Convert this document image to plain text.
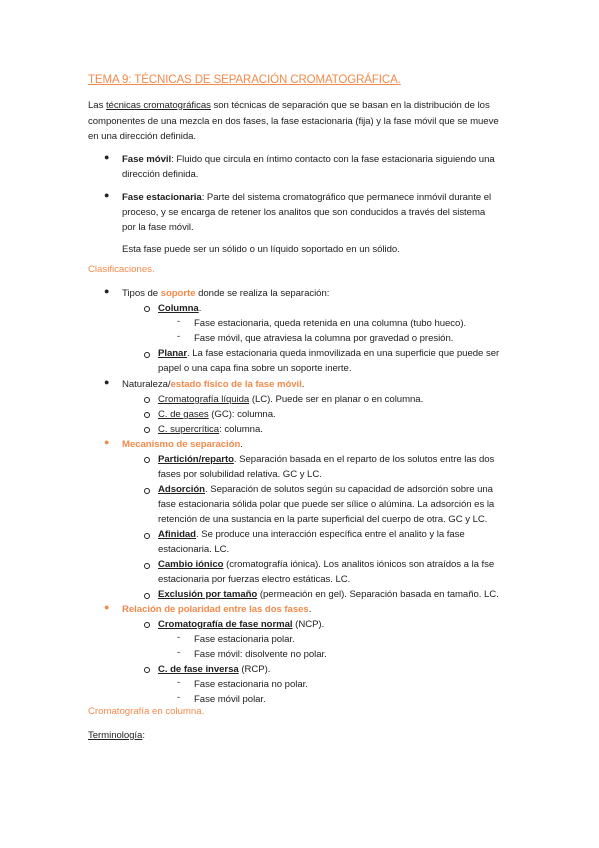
TEMA 9: TÉCNICAS DE SEPARACIÓN CROMATOGRÁFICA.
Las técnicas cromatográficas son técnicas de separación que se basan en la distribución de los
componentes de una mezcla en dos fases, la fase estacionaria (fija) y la fase móvil que se mueve
en una dirección definida.
● Fase móvil: Fluido que circula en íntimo contacto con la fase estacionaria siguiendo una
dirección definida.
● Fase estacionaria: Parte del sistema cromatográfico que permanece inmóvil durante el
proceso, y se encarga de retener los analitos que son conducidos a través del sistema
por la fase móvil.
Esta fase puede ser un sólido o un líquido soportado en un sólido.
Clasificaciones.
● Tipos de soporte donde se realiza la separación:
Columna.
- Fase estacionaria, queda retenida en una columna (tubo hueco).
- Fase móvil, que atraviesa la columna por gravedad o presión.
Planar. La fase estacionaria queda inmovilizada en una superficie que puede ser
papel o una capa fina sobre un soporte inerte.
● Naturaleza/estado físico de la fase móvil.
Cromatografía líquida (LC). Puede ser en planar o en columna.
C. de gases (GC): columna.
C. supercrítica: columna.
● Mecanismo de separación.
Partición/reparto. Separación basada en el reparto de los solutos entre las dos
fases por solubilidad relativa. GC y LC.
Adsorción. Separación de solutos según su capacidad de adsorción sobre una
fase estacionaria sólida polar que puede ser sílice o alúmina. La adsorción es la
retención de una sustancia en la parte superficial del cuerpo de otra. GC y LC.
Afinidad. Se produce una interacción específica entre el analito y la fase
estacionaria. LC.
Cambio iónico (cromatografía iónica). Los analitos iónicos son atraídos a la fse
estacionaria por fuerzas electro estáticas. LC.
Exclusión por tamaño (permeación en gel). Separación basada en tamaño. LC.
● Relación de polaridad entre las dos fases.
Cromatografía de fase normal (NCP).
- Fase estacionaria polar.
- Fase móvil: disolvente no polar.
C. de fase inversa (RCP).
- Fase estacionaria no polar.
- Fase móvil polar.
Cromatografía en columna.
Terminología:
